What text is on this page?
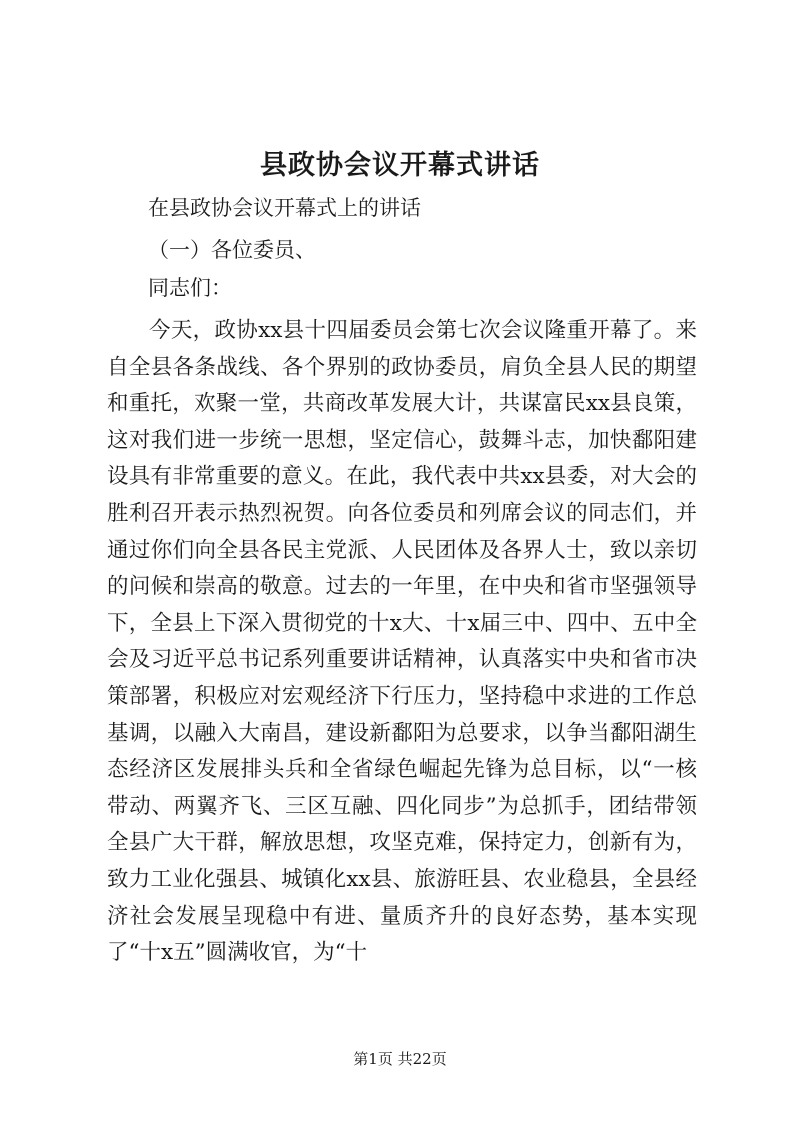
县政协会议开幕式讲话
在县政协会议开幕式上的讲话
（一）各位委员、
同志们：

今天，政协xx县十四届委员会第七次会议隆重开幕了。来自全县各条战线、各个界别的政协委员，肩负全县人民的期望和重托，欢聚一堂，共商改革发展大计，共谋富民xx县良策，这对我们进一步统一思想，坚定信心，鼓舞斗志，加快鄱阳建设具有非常重要的意义。在此，我代表中共xx县委，对大会的胜利召开表示热烈祝贺。向各位委员和列席会议的同志们，并通过你们向全县各民主党派、人民团体及各界人士，致以亲切的问候和崇高的敬意。过去的一年里，在中央和省市坚强领导下，全县上下深入贯彻党的十x大、十x届三中、四中、五中全会及习近平总书记系列重要讲话精神，认真落实中央和省市决策部署，积极应对宏观经济下行压力，坚持稳中求进的工作总基调，以融入大南昌，建设新鄱阳为总要求，以争当鄱阳湖生态经济区发展排头兵和全省绿色崛起先锋为总目标，以“一核带动、两翼齐飞、三区互融、四化同步”为总抓手，团结带领全县广大干群，解放思想，攻坚克难，保持定力，创新有为，致力工业化强县、城镇化xx县、旅游旺县、农业稳县，全县经济社会发展呈现稳中有进、量质齐升的良好态势，基本实现了“十x五”圆满收官，为“十

第1页 共22页
